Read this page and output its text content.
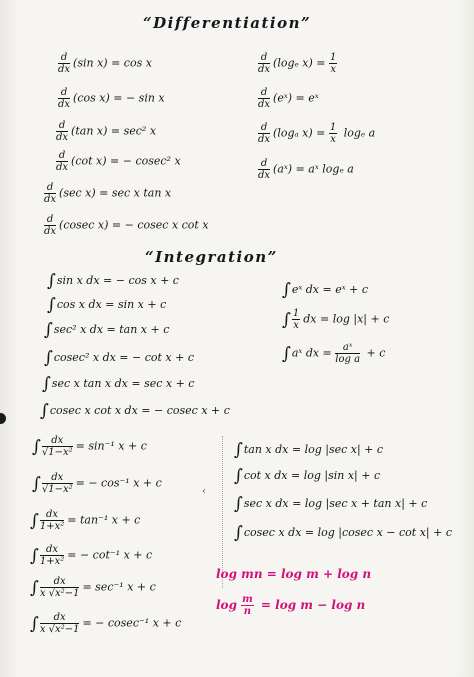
“Differentiation”
“Integration”
‹
$\frac{d}{dx} (\sin$ x) = cos x
$\frac{d}{dx} (\cos$ x) = − sin x
$\frac{d}{dx} (\tan$ x) = sec² x
$\frac{d}{dx} (\cot$ x) = − cosec² x
$\frac{d}{dx} (\sec$ x) = sec x tan x
$\frac{d}{dx} (cosec$ x) = − cosec x cot x
$\frac{d}{dx} (\log_e$ $x) = \frac{1}{x}$
$\frac{d}{dx}$ (eˣ) = eˣ
$\frac{d}{dx} (\log_a$ $x) = \frac{1}{x}$ logₑ a
$\frac{d}{dx}$ (aˣ) = aˣ logₑ a
∫sin x dx = − cos x + c
∫cos x dx = sin x + c
∫sec² x dx = tan x + c
∫cosec² x dx = − cot x + c
∫sec x tan x dx = sec x + c
∫cosec x cot x dx = − cosec x + c
∫ $\frac{dx}{\text{√1−x²}} = \sin^{-1}$ x + c
∫ $\frac{dx}{\text{√1−x²}}$ = − cos⁻¹ x + c
∫ $\frac{dx}{\text{1+x²}} = \tan^{-1}$ x + c
∫ $\frac{dx}{\text{1+x²}}$ = − cot⁻¹ x + c
∫ $\frac{dx}{\text{x √x²−1}} = \sec^{-1}$ x + c
∫ $\frac{dx}{\text{x √x²−1}}$ = − cosec⁻¹ x + c
∫eˣ dx = eˣ + c
∫ $\frac{1}{x}$ dx = log |x| + c
∫aˣ dx = $\frac{\text{aˣ}}{\text{log a}} + c$
∫tan x dx = log |sec x| + c
∫cot x dx = log |sin x| + c
∫sec x dx = log |sec x + tan x| + c
∫cosec x dx = log |cosec x − cot x| + c
log mn = log m + log n
$\log \frac{m}{n} = \log m - \log n$
